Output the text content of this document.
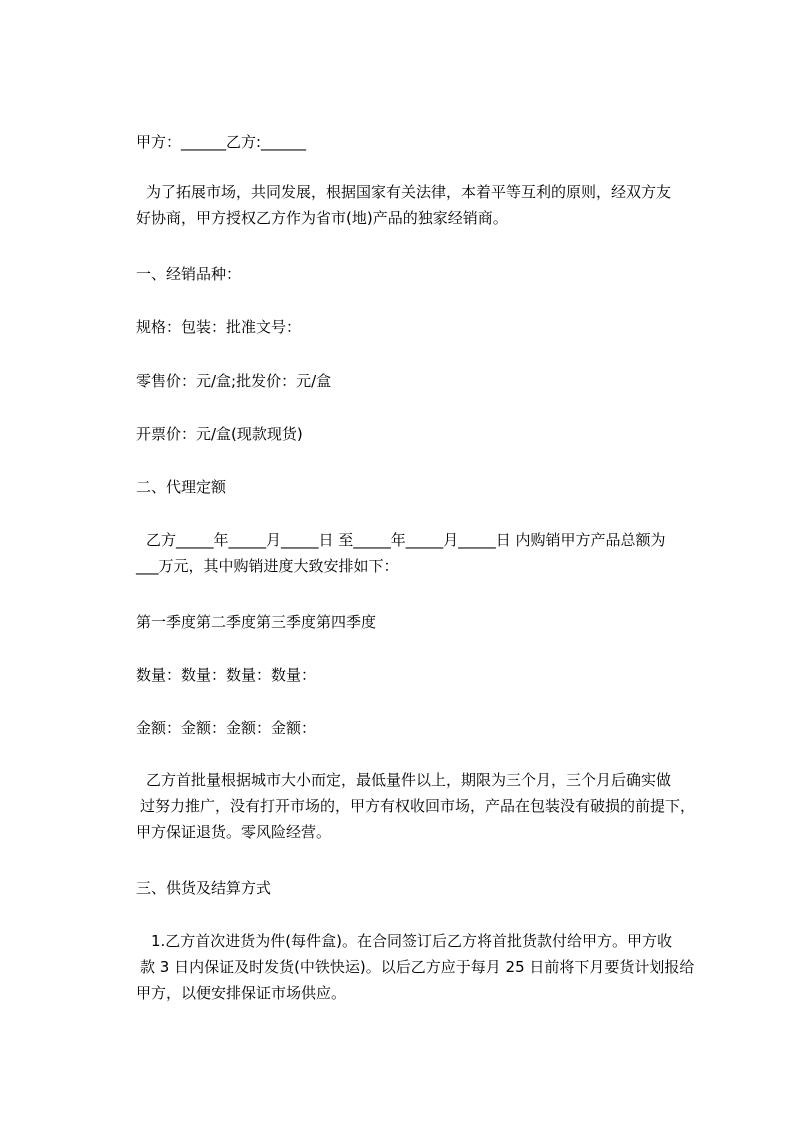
甲方：______乙方:______

为了拓展市场，共同发展，根据国家有关法律，本着平等互利的原则，经双方友
好协商，甲方授权乙方作为省市(地)产品的独家经销商。

一、经销品种：

规格：包装：批准文号：

零售价：元/盒;批发价：元/盒

开票价：元/盒(现款现货)

二、代理定额

乙方_____年_____月_____日 至_____年_____月_____日 内购销甲方产品总额为
___万元，其中购销进度大致安排如下：

第一季度第二季度第三季度第四季度

数量：数量：数量：数量：

金额：金额：金额：金额：

乙方首批量根据城市大小而定，最低量件以上，期限为三个月，三个月后确实做
过努力推广，没有打开市场的，甲方有权收回市场，产品在包装没有破损的前提下，
甲方保证退货。零风险经营。

三、供货及结算方式

1.乙方首次进货为件(每件盒)。在合同签订后乙方将首批货款付给甲方。甲方收
款 3 日内保证及时发货(中铁快运)。以后乙方应于每月 25 日前将下月要货计划报给
甲方，以便安排保证市场供应。
